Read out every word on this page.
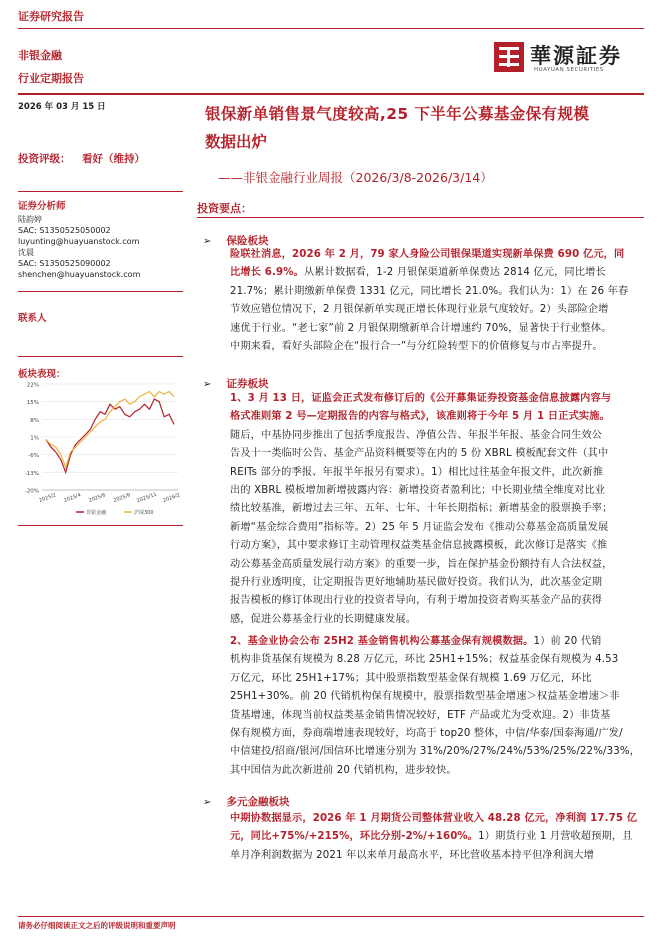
证券研究报告
華源証券
HUAYUAN SECURITIES
非银金融
行业定期报告
2026 年 03 月 15 日	银保新单销售景气度较高,25 下半年公募基金保有规模
数据出炉
——非银金融行业周报（2026/3/8-2026/3/14）
投资评级： 看好（维持）
证券分析师
陆韵婷
SAC: S1350525050002
luyunting@huayuanstock.com
沈晨
SAC: S1350525090002
shenchen@huayuanstock.com
联系人
板块表现：
22%
15%
8%
1%
-6%
-13%
-20%
2025/2 2025/4 2025/6 2025/9 2025/11 2026/2
非银金融	沪深300
投资要点：
➢ 保险板块
险联社消息，2026 年 2 月，79 家人身险公司银保渠道实现新单保费 690 亿元，同
比增长 6.9%。从累计数据看，1-2 月银保渠道新单保费达 2814 亿元，同比增长
21.7%；累计期缴新单保费 1331 亿元，同比增长 21.0%。我们认为：1）在 26 年春
节效应错位情况下，2 月银保新单实现正增长体现行业景气度较好。2）头部险企增
速优于行业。“老七家”前 2 月银保期缴新单合计增速约 70%，显著快于行业整体。
中期来看，看好头部险企在“报行合一”与分红险转型下的价值修复与市占率提升。
➢ 证券板块
1、3 月 13 日，证监会正式发布修订后的《公开募集证券投资基金信息披露内容与
格式准则第 2 号—定期报告的内容与格式》，该准则将于今年 5 月 1 日正式实施。
随后，中基协同步推出了包括季度报告、净值公告、年报半年报、基金合同生效公
告及十一类临时公告、基金产品资料概要等在内的 5 份 XBRL 模板配套文件（其中
REITs 部分的季报、年报半年报另有要求）。1）相比过往基金年报文件，此次新推
出的 XBRL 模板增加新增披露内容：新增投资者盈利比；中长期业绩全维度对比业
绩比较基准，新增过去三年、五年、七年、十年长期指标；新增基金的股票换手率；
新增“基金综合费用”指标等。2）25 年 5 月证监会发布《推动公募基金高质量发展
行动方案》，其中要求修订主动管理权益类基金信息披露模板，此次修订是落实《推
动公募基金高质量发展行动方案》的重要一步，旨在保护基金份额持有人合法权益，
提升行业透明度，让定期报告更好地辅助基民做好投资。我们认为，此次基金定期
报告模板的修订体现出行业的投资者导向，有利于增加投资者购买基金产品的获得
感，促进公募基金行业的长期健康发展。
2、基金业协会公布 25H2 基金销售机构公募基金保有规模数据。1）前 20 代销
机构非货基保有规模为 8.28 万亿元，环比 25H1+15%；权益基金保有规模为 4.53
万亿元，环比 25H1+17%；其中股票指数型基金保有规模 1.69 万亿元，环比
25H1+30%。前 20 代销机构保有规模中，股票指数型基金增速＞权益基金增速＞非
货基增速，体现当前权益类基金销售情况较好，ETF 产品或尤为受欢迎。2）非货基
保有规模方面，券商端增速表现较好，均高于 top20 整体，中信/华泰/国泰海通/广发/
中信建投/招商/银河/国信环比增速分别为 31%/20%/27%/24%/53%/25%/22%/33%，
其中国信为此次新进前 20 代销机构，进步较快。
➢ 多元金融板块
中期协数据显示，2026 年 1 月期货公司整体营业收入 48.28 亿元，净利润 17.75 亿
元，同比+75%/+215%，环比分别-2%/+160%。1）期货行业 1 月营收超预期，且
单月净利润数据为 2021 年以来单月最高水平，环比营收基本持平但净利润大增
请务必仔细阅读正文之后的评级说明和重要声明
